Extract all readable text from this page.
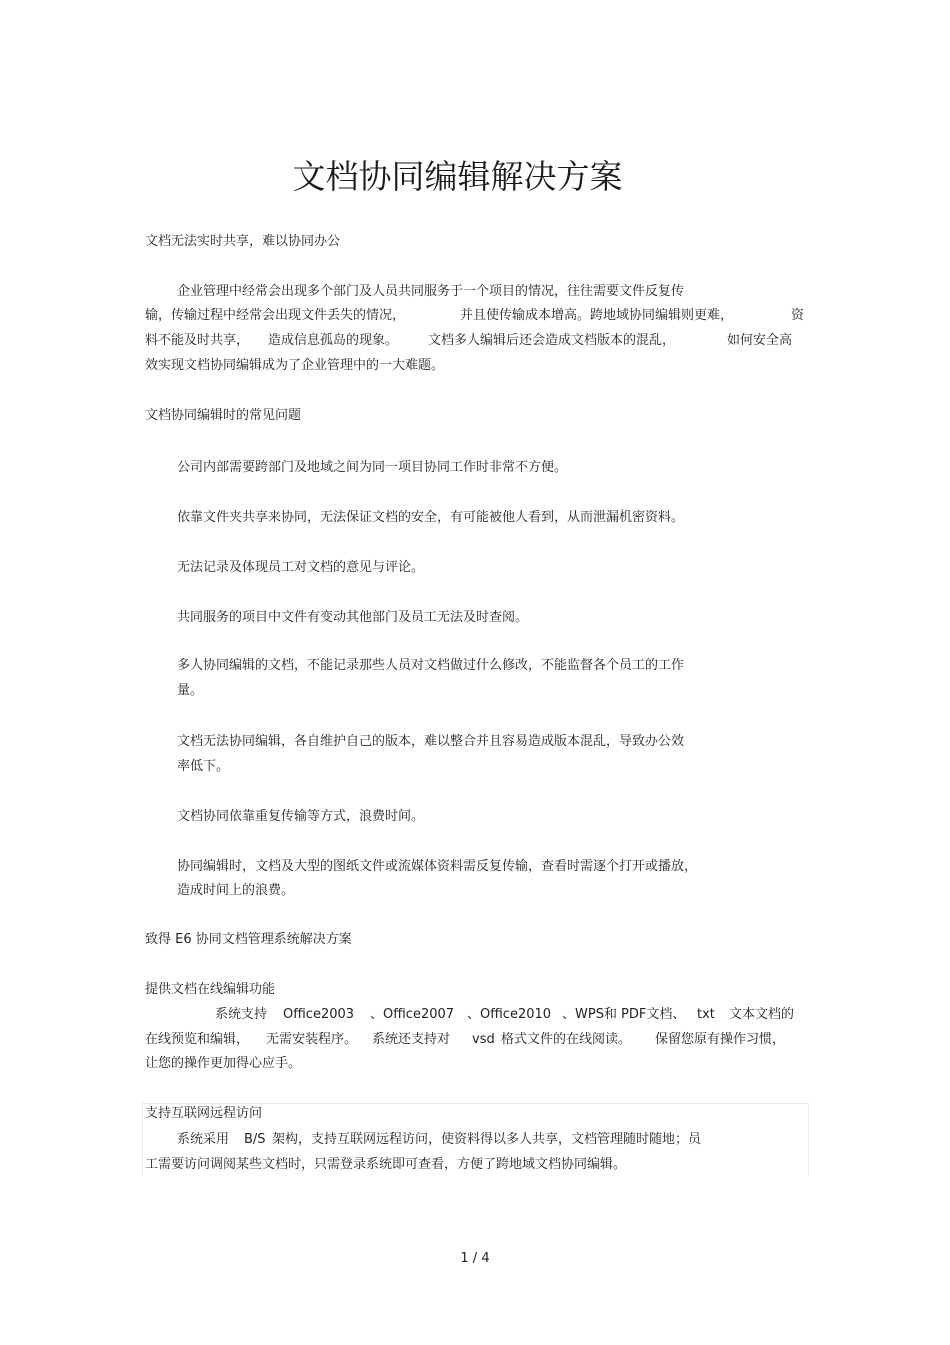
文档协同编辑解决方案
文档无法实时共享，难以协同办公
企业管理中经常会出现多个部门及人员共同服务于一个项目的情况，往往需要文件反复传
输，传输过程中经常会出现文件丢失的情况，	并且使传输成本增高。跨地域协同编辑则更难，	资
料不能及时共享， 造成信息孤岛的现象。 文档多人编辑后还会造成文档版本的混乱，	如何安全高
效实现文档协同编辑成为了企业管理中的一大难题。
文档协同编辑时的常见问题
公司内部需要跨部门及地域之间为同一项目协同工作时非常不方便。
依靠文件夹共享来协同，无法保证文档的安全，有可能被他人看到，从而泄漏机密资料。
无法记录及体现员工对文档的意见与评论。
共同服务的项目中文件有变动其他部门及员工无法及时查阅。
多人协同编辑的文档，不能记录那些人员对文档做过什么修改，不能监督各个员工的工作
量。
文档无法协同编辑，各自维护自己的版本，难以整合并且容易造成版本混乱，导致办公效
率低下。
文档协同依靠重复传输等方式，浪费时间。
协同编辑时，文档及大型的图纸文件或流媒体资料需反复传输，查看时需逐个打开或播放，
造成时间上的浪费。
致得 E6 协同文档管理系统解决方案
提供文档在线编辑功能
系统支持 Office2003 、Office2007 、Office2010 、WPS和 PDF文档、 txt 文本文档的
在线预览和编辑， 无需安装程序。 系统还支持对 vsd 格式文件的在线阅读。 保留您原有操作习惯，
让您的操作更加得心应手。
支持互联网远程访问
系统采用 B/S 架构，支持互联网远程访问，使资料得以多人共享，文档管理随时随地；员
工需要访问调阅某些文档时，只需登录系统即可查看，方便了跨地域文档协同编辑。
1 / 4
